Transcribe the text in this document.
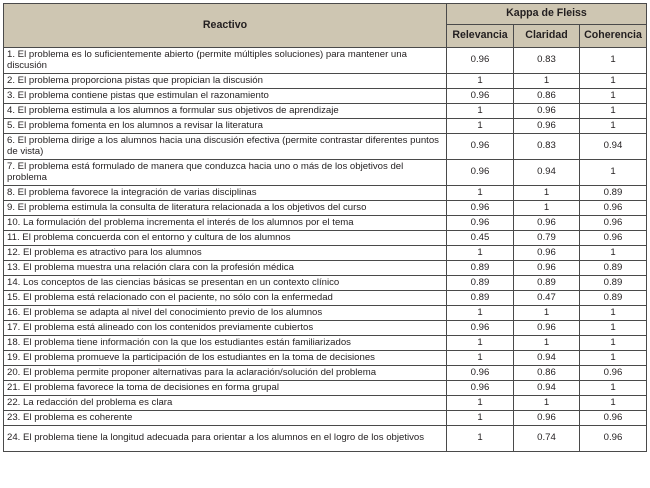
Reactivo	Kappa de Fleiss		
	Relevancia	Claridad	Coherencia
1. El problema es lo suficientemente abierto (permite múltiples soluciones) para mantener una discusión	0.96	0.83	1
2. El problema proporciona pistas que propician la discusión	1	1	1
3. El problema contiene pistas que estimulan el razonamiento	0.96	0.86	1
4. El problema estimula a los alumnos a formular sus objetivos de aprendizaje	1	0.96	1
5. El problema fomenta en los alumnos a revisar la literatura	1	0.96	1
6. El problema dirige a los alumnos hacia una discusión efectiva (permite contrastar diferentes puntos de vista)	0.96	0.83	0.94
7. El problema está formulado de manera que conduzca hacia uno o más de los objetivos del problema	0.96	0.94	1
8. El problema favorece la integración de varias disciplinas	1	1	0.89
9. El problema estimula la consulta de literatura relacionada a los objetivos del curso	0.96	1	0.96
10. La formulación del problema incrementa el interés de los alumnos por el tema	0.96	0.96	0.96
11. El problema concuerda con el entorno y cultura de los alumnos	0.45	0.79	0.96
12. El problema es atractivo para los alumnos	1	0.96	1
13. El problema muestra una relación clara con la profesión médica	0.89	0.96	0.89
14. Los conceptos de las ciencias básicas se presentan en un contexto clínico	0.89	0.89	0.89
15. El problema está relacionado con el paciente, no sólo con la enfermedad	0.89	0.47	0.89
16. El problema se adapta al nivel del conocimiento previo de los alumnos	1	1	1
17. El problema está alineado con los contenidos previamente cubiertos	0.96	0.96	1
18. El problema tiene información con la que los estudiantes están familiarizados	1	1	1
19. El problema promueve la participación de los estudiantes en la toma de decisiones	1	0.94	1
20. El problema permite proponer alternativas para la aclaración/solución del problema	0.96	0.86	0.96
21. El problema favorece la toma de decisiones en forma grupal	0.96	0.94	1
22. La redacción del problema es clara	1	1	1
23. El problema es coherente	1	0.96	0.96
24. El problema tiene la longitud adecuada para orientar a los alumnos en el logro de los objetivos	1	0.74	0.96
